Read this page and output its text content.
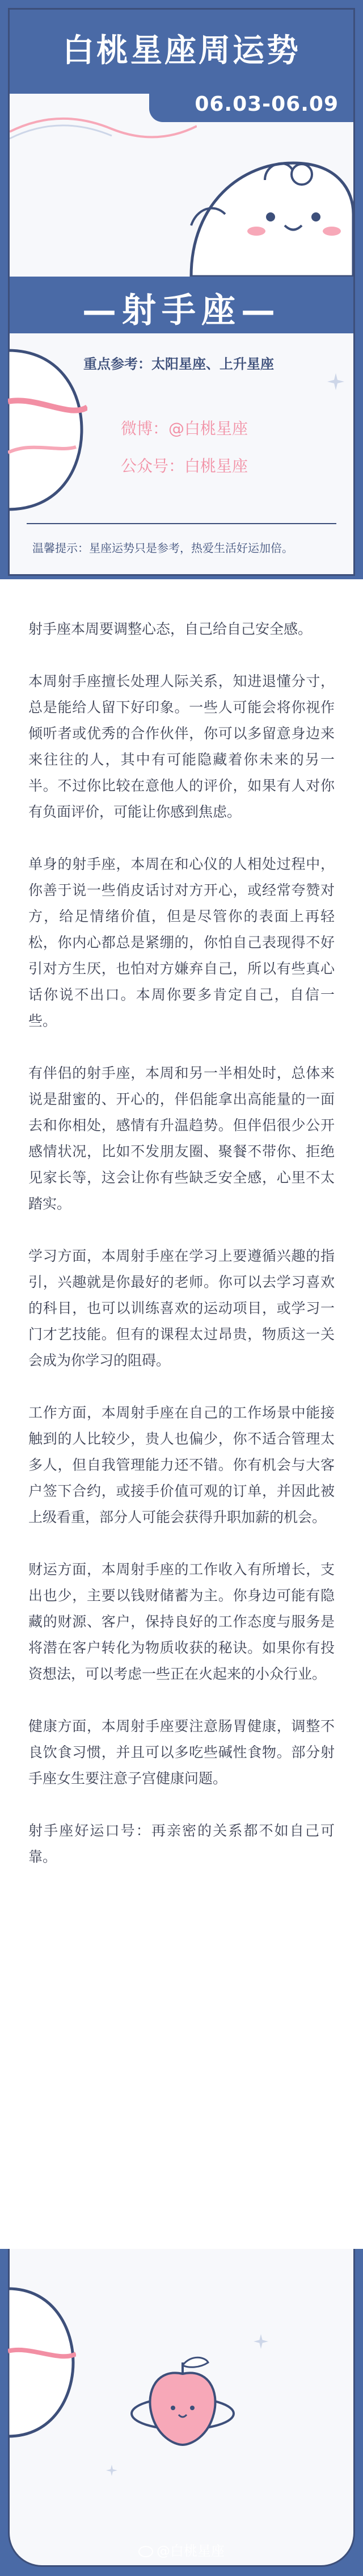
白桃星座周运势
06.03-06.09
—射手座—
重点参考：太阳星座、上升星座
微博：@白桃星座
公众号：白桃星座
温馨提示：星座运势只是参考，热爱生活好运加倍。

射手座本周要调整心态，自己给自己安全感。

本周射手座擅长处理人际关系，知进退懂分寸，总是能给人留下好印象。一些人可能会将你视作倾听者或优秀的合作伙伴，你可以多留意身边来来往往的人，其中有可能隐藏着你未来的另一半。不过你比较在意他人的评价，如果有人对你有负面评价，可能让你感到焦虑。

单身的射手座，本周在和心仪的人相处过程中，你善于说一些俏皮话讨对方开心，或经常夸赞对方，给足情绪价值，但是尽管你的表面上再轻松，你内心都总是紧绷的，你怕自己表现得不好引对方生厌，也怕对方嫌弃自己，所以有些真心话你说不出口。本周你要多肯定自己，自信一些。

有伴侣的射手座，本周和另一半相处时，总体来说是甜蜜的、开心的，伴侣能拿出高能量的一面去和你相处，感情有升温趋势。但伴侣很少公开感情状况，比如不发朋友圈、聚餐不带你、拒绝见家长等，这会让你有些缺乏安全感，心里不太踏实。

学习方面，本周射手座在学习上要遵循兴趣的指引，兴趣就是你最好的老师。你可以去学习喜欢的科目，也可以训练喜欢的运动项目，或学习一门才艺技能。但有的课程太过昂贵，物质这一关会成为你学习的阻碍。

工作方面，本周射手座在自己的工作场景中能接触到的人比较少，贵人也偏少，你不适合管理太多人，但自我管理能力还不错。你有机会与大客户签下合约，或接手价值可观的订单，并因此被上级看重，部分人可能会获得升职加薪的机会。

财运方面，本周射手座的工作收入有所增长，支出也少，主要以钱财储蓄为主。你身边可能有隐藏的财源、客户，保持良好的工作态度与服务是将潜在客户转化为物质收获的秘诀。如果你有投资想法，可以考虑一些正在火起来的小众行业。

健康方面，本周射手座要注意肠胃健康，调整不良饮食习惯，并且可以多吃些碱性食物。部分射手座女生要注意子宫健康问题。

射手座好运口号：再亲密的关系都不如自己可靠。

@白桃星座
